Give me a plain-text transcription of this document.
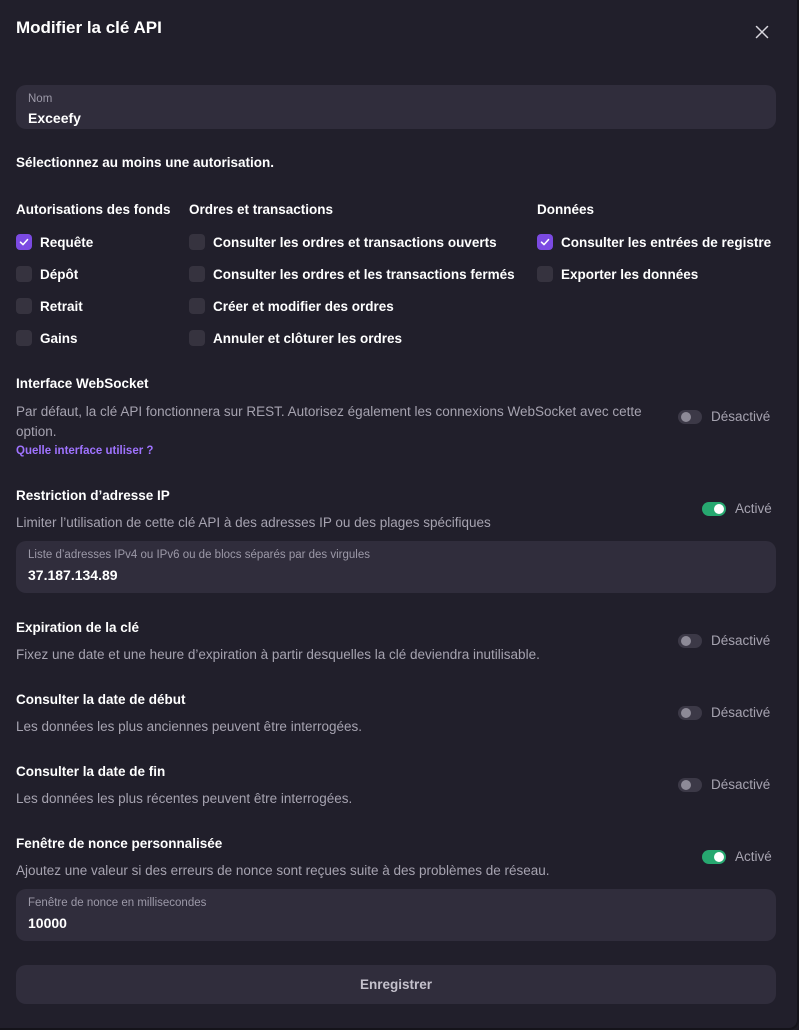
Modifier la clé API
Nom
Exceefy
Sélectionnez au moins une autorisation.
Autorisations des fonds Ordres et transactions	Données
Requête
Dépôt
Retrait
Gains
Consulter les ordres et transactions ouverts
Consulter les ordres et les transactions fermés
Créer et modifier des ordres
Annuler et clôturer les ordres
Consulter les entrées de registre
Exporter les données
Interface WebSocket
Par défaut, la clé API fonctionnera sur REST. Autorisez également les connexions WebSocket avec cette option.
Quelle interface utiliser ?
Désactivé
Restriction d’adresse IP
Limiter l’utilisation de cette clé API à des adresses IP ou des plages spécifiques
Activé
Liste d’adresses IPv4 ou IPv6 ou de blocs séparés par des virgules
37.187.134.89
Expiration de la clé
Fixez une date et une heure d’expiration à partir desquelles la clé deviendra inutilisable.
Désactivé
Consulter la date de début
Les données les plus anciennes peuvent être interrogées.
Désactivé
Consulter la date de fin
Les données les plus récentes peuvent être interrogées.
Désactivé
Fenêtre de nonce personnalisée
Ajoutez une valeur si des erreurs de nonce sont reçues suite à des problèmes de réseau.
Activé
Fenêtre de nonce en millisecondes
10000
Enregistrer
